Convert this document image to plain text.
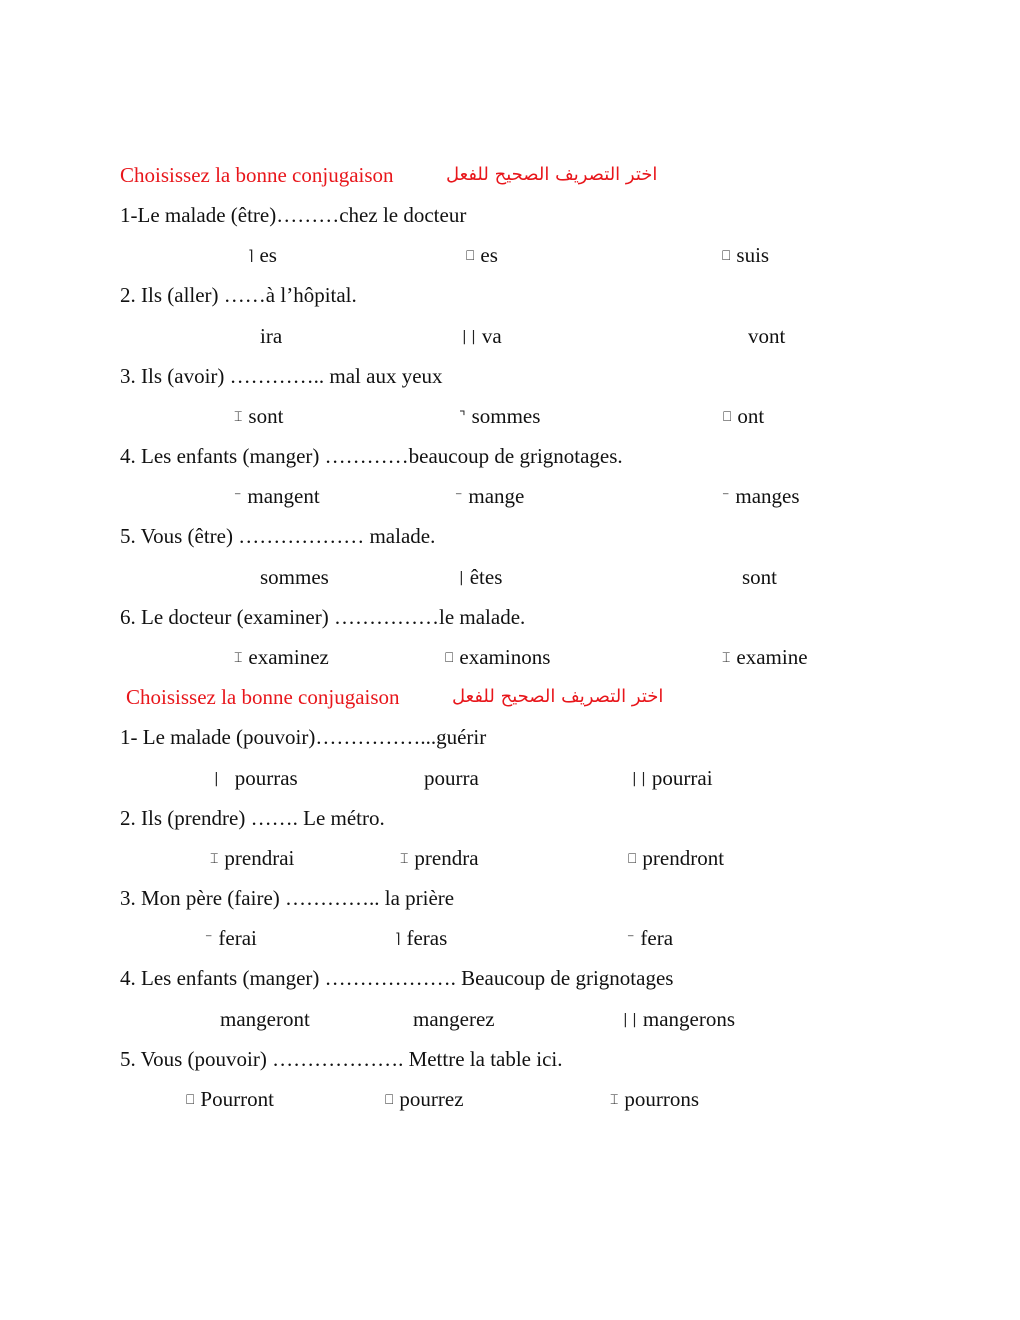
Choisissez la bonne conjugaison	اختر التصريف الصحيح للفعل
1-Le malade (être)………chez le docteur
⌉ es	⎕ es	⎕ suis
2. Ils (aller) ……à l’hôpital.
ira	| | va	vont
3. Ils (avoir) ………….. mal aux yeux
⌶ sont	⌝ sommes	⎕ ont
4. Les enfants (manger) …………beaucoup de grignotages.
⁻ mangent	⁻ mange	⁻ manges
5. Vous (être) ……………… malade.
sommes	| êtes	sont
6. Le docteur (examiner) ……………le malade.
⌶ examinez	⎕ examinons	⌶ examine
Choisissez la bonne conjugaison	اختر التصريف الصحيح للفعل
1- Le malade (pouvoir)……………...guérir
| pourras	pourra	| | pourrai
2. Ils (prendre) ……. Le métro.
⌶ prendrai	⌶ prendra	⎕ prendront
3. Mon père (faire) ………….. la prière
⁻ ferai	⌉ feras	⁻ fera
4. Les enfants (manger) ………………. Beaucoup de grignotages
mangeront	mangerez	| | mangerons
5. Vous (pouvoir) ………………. Mettre la table ici.
⎕ Pourront	⎕ pourrez	⌶ pourrons
